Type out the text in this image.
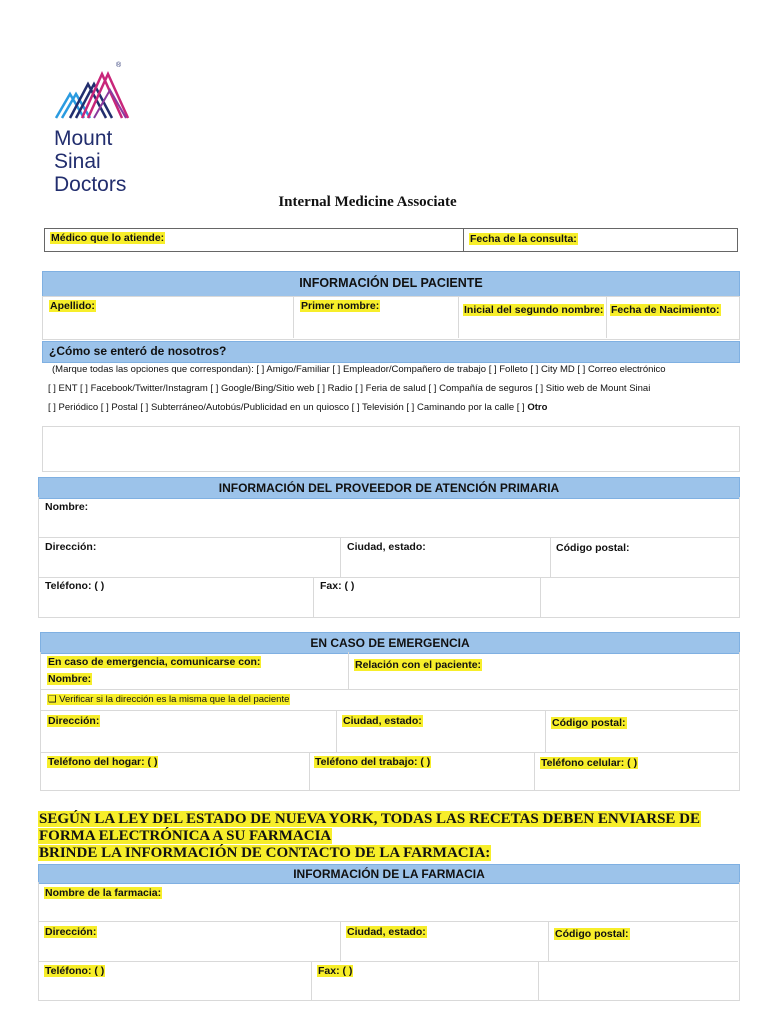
®
Mount
Sinai
Doctors
Internal Medicine Associate
Médico que lo atiende:	Fecha de la consulta:
INFORMACIÓN DEL PACIENTE
Apellido:	Primer nombre:	Inicial del segundo nombre: Fecha de Nacimiento:
¿Cómo se enteró de nosotros?
(Marque todas las opciones que correspondan): [ ] Amigo/Familiar [ ] Empleador/Compañero de trabajo [ ] Folleto [ ] City MD [ ] Correo electrónico
[ ] ENT [ ] Facebook/Twitter/Instagram [ ] Google/Bing/Sitio web [ ] Radio [ ] Feria de salud [ ] Compañía de seguros [ ] Sitio web de Mount Sinai
[ ] Periódico [ ] Postal [ ] Subterráneo/Autobús/Publicidad en un quiosco [ ] Televisión [ ] Caminando por la calle [ ] Otro
INFORMACIÓN DEL PROVEEDOR DE ATENCIÓN PRIMARIA
Nombre:
Dirección:	Ciudad, estado:	Código postal:
Teléfono: ( )	Fax: ( )
EN CASO DE EMERGENCIA
En caso de emergencia, comunicarse con:
Nombre:
Relación con el paciente:
❑ Verificar si la dirección es la misma que la del paciente
Dirección:	Ciudad, estado:	Código postal:
Teléfono del hogar: ( )	Teléfono del trabajo: ( )	Teléfono celular: ( )
SEGÚN LA LEY DEL ESTADO DE NUEVA YORK, TODAS LAS RECETAS DEBEN ENVIARSE DE
FORMA ELECTRÓNICA A SU FARMACIA
BRINDE LA INFORMACIÓN DE CONTACTO DE LA FARMACIA:
INFORMACIÓN DE LA FARMACIA
Nombre de la farmacia:
Dirección:	Ciudad, estado:	Código postal:
Teléfono: ( )	Fax: ( )
